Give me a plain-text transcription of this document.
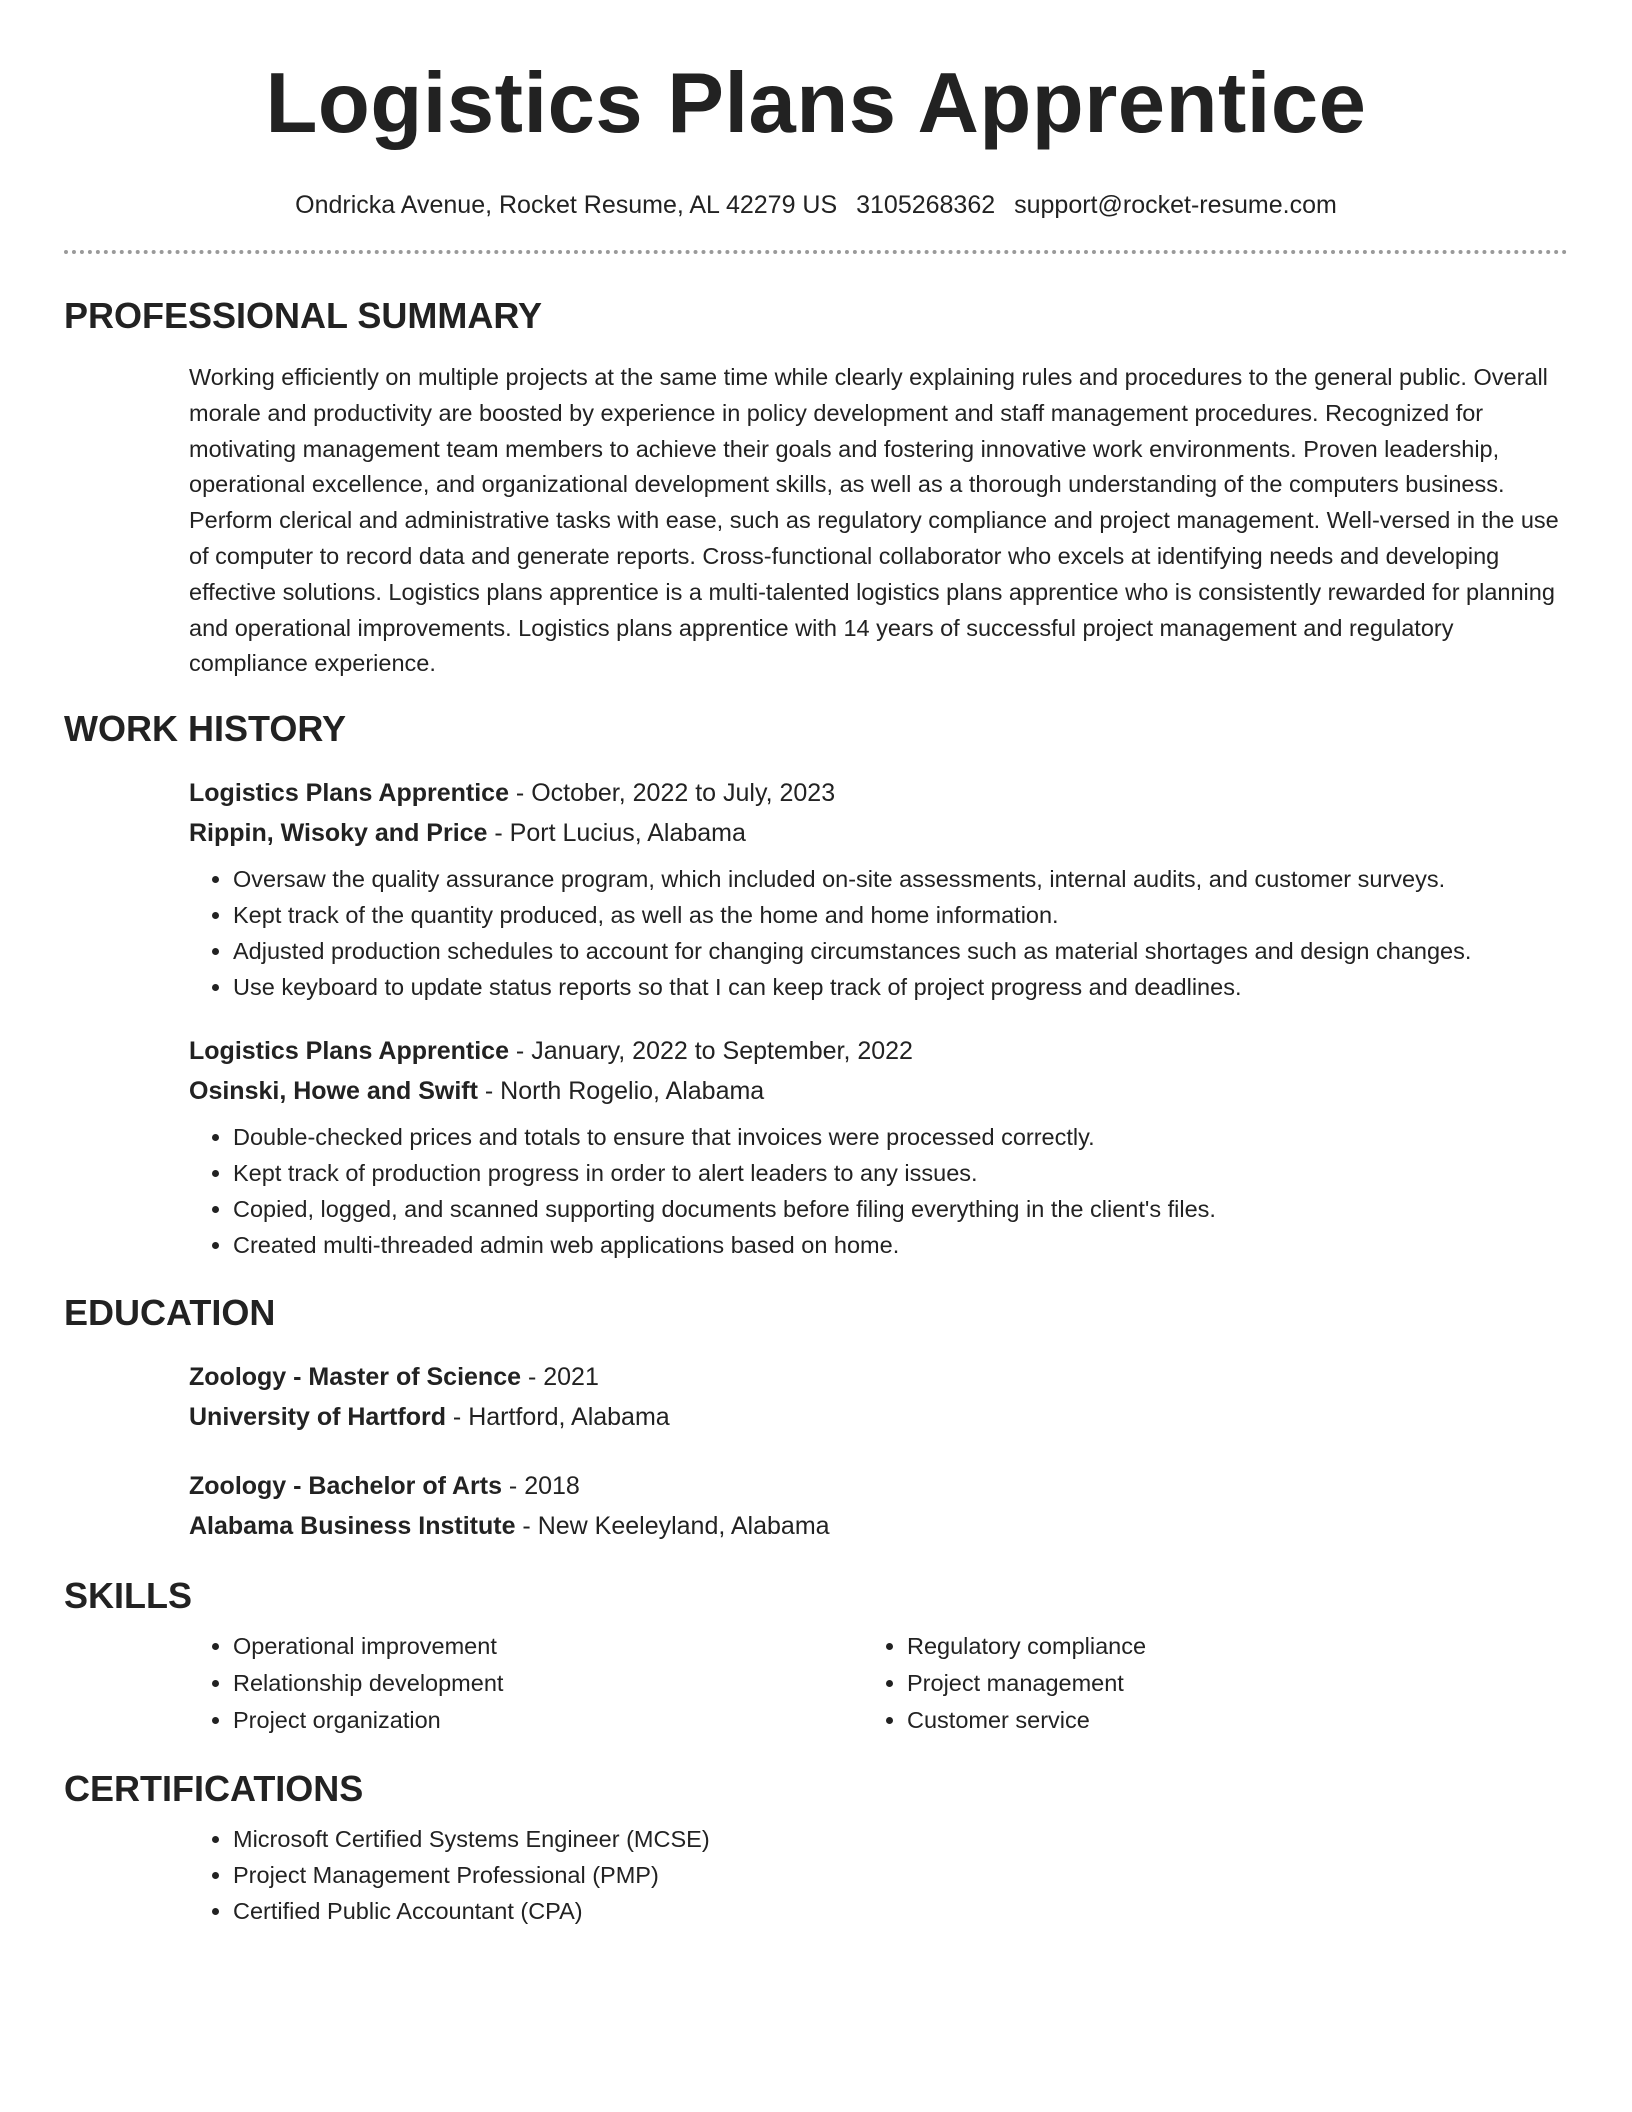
Logistics Plans Apprentice
Ondricka Avenue, Rocket Resume, AL 42279 US 3105268362 support@rocket-resume.com
PROFESSIONAL SUMMARY
Working efficiently on multiple projects at the same time while clearly explaining rules and procedures to the general public. Overall morale and productivity are boosted by experience in policy development and staff management procedures. Recognized for motivating management team members to achieve their goals and fostering innovative work environments. Proven leadership, operational excellence, and organizational development skills, as well as a thorough understanding of the computers business. Perform clerical and administrative tasks with ease, such as regulatory compliance and project management. Well-versed in the use of computer to record data and generate reports. Cross-functional collaborator who excels at identifying needs and developing effective solutions. Logistics plans apprentice is a multi-talented logistics plans apprentice who is consistently rewarded for planning and operational improvements. Logistics plans apprentice with 14 years of successful project management and regulatory compliance experience.
WORK HISTORY
Logistics Plans Apprentice - October, 2022 to July, 2023
Rippin, Wisoky and Price - Port Lucius, Alabama
• Oversaw the quality assurance program, which included on-site assessments, internal audits, and customer surveys.
• Kept track of the quantity produced, as well as the home and home information.
• Adjusted production schedules to account for changing circumstances such as material shortages and design changes.
• Use keyboard to update status reports so that I can keep track of project progress and deadlines.
Logistics Plans Apprentice - January, 2022 to September, 2022
Osinski, Howe and Swift - North Rogelio, Alabama
• Double-checked prices and totals to ensure that invoices were processed correctly.
• Kept track of production progress in order to alert leaders to any issues.
• Copied, logged, and scanned supporting documents before filing everything in the client's files.
• Created multi-threaded admin web applications based on home.
EDUCATION
Zoology - Master of Science - 2021
University of Hartford - Hartford, Alabama
Zoology - Bachelor of Arts - 2018
Alabama Business Institute - New Keeleyland, Alabama
SKILLS
• Operational improvement
• Relationship development
• Project organization
• Regulatory compliance
• Project management
• Customer service
CERTIFICATIONS
• Microsoft Certified Systems Engineer (MCSE)
• Project Management Professional (PMP)
• Certified Public Accountant (CPA)
